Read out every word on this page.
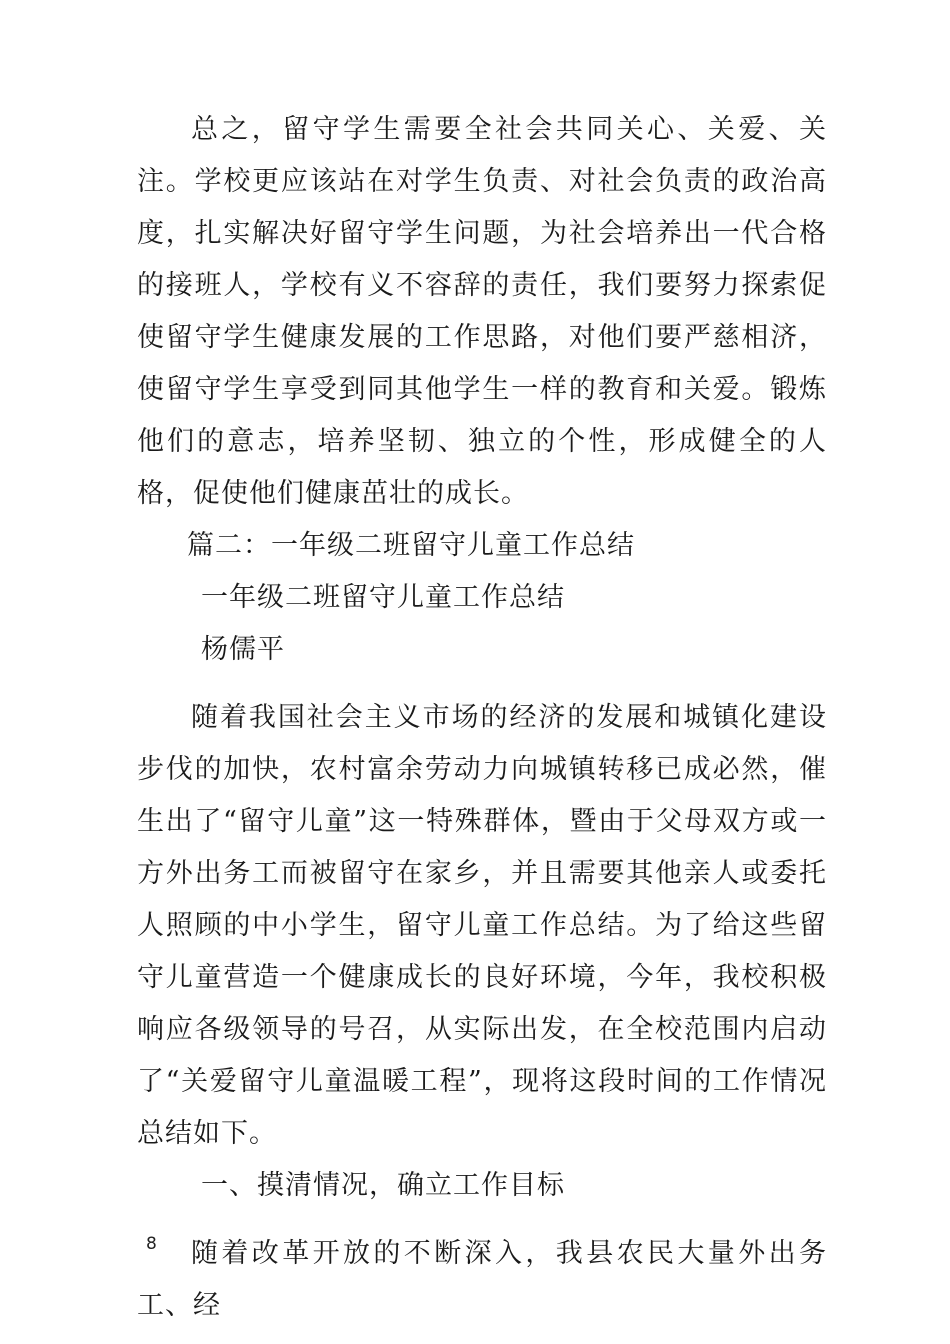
总之，留守学生需要全社会共同关心、关爱、关注。学校更应该站在对学生负责、对社会负责的政治高度，扎实解决好留守学生问题，为社会培养出一代合格的接班人，学校有义不容辞的责任，我们要努力探索促使留守学生健康发展的工作思路，对他们要严慈相济，使留守学生享受到同其他学生一样的教育和关爱。锻炼他们的意志，培养坚韧、独立的个性，形成健全的人格，促使他们健康茁壮的成长。

篇二：一年级二班留守儿童工作总结

一年级二班留守儿童工作总结

杨儒平

随着我国社会主义市场的经济的发展和城镇化建设步伐的加快，农村富余劳动力向城镇转移已成必然，催生出了“留守儿童”这一特殊群体，暨由于父母双方或一方外出务工而被留守在家乡，并且需要其他亲人或委托人照顾的中小学生，留守儿童工作总结。为了给这些留守儿童营造一个健康成长的良好环境，今年，我校积极响应各级领导的号召，从实际出发，在全校范围内启动了“关爱留守儿童温暖工程”，现将这段时间的工作情况总结如下。

一、摸清情况，确立工作目标

随着改革开放的不断深入，我县农民大量外出务工、经

8
